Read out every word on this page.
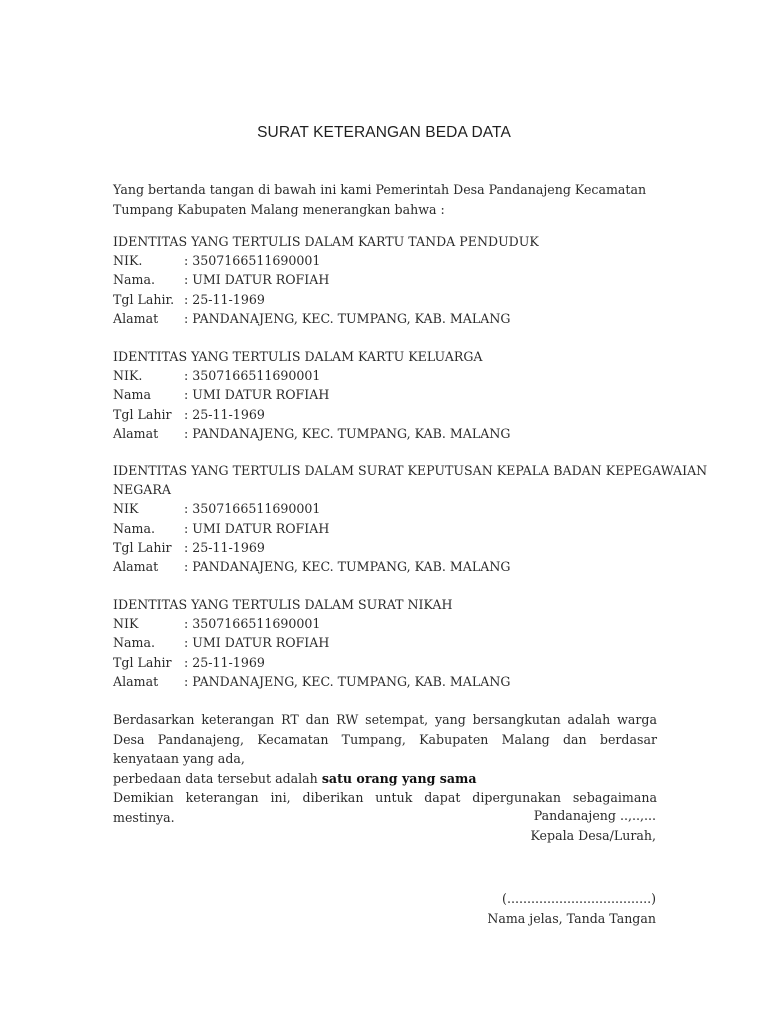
SURAT KETERANGAN BEDA DATA
Yang bertanda tangan di bawah ini kami Pemerintah Desa Pandanajeng Kecamatan Tumpang Kabupaten Malang menerangkan bahwa :
IDENTITAS YANG TERTULIS DALAM KARTU TANDA PENDUDUK
NIK.	: 3507166511690001
Nama.	: UMI DATUR ROFIAH
Tgl Lahir. : 25-11-1969
Alamat	: PANDANAJENG, KEC. TUMPANG, KAB. MALANG
IDENTITAS YANG TERTULIS DALAM KARTU KELUARGA
NIK.	: 3507166511690001
Nama	: UMI DATUR ROFIAH
Tgl Lahir : 25-11-1969
Alamat	: PANDANAJENG, KEC. TUMPANG, KAB. MALANG
IDENTITAS YANG TERTULIS DALAM SURAT KEPUTUSAN KEPALA BADAN KEPEGAWAIAN
NEGARA
NIK	: 3507166511690001
Nama.	: UMI DATUR ROFIAH
Tgl Lahir : 25-11-1969
Alamat	: PANDANAJENG, KEC. TUMPANG, KAB. MALANG
IDENTITAS YANG TERTULIS DALAM SURAT NIKAH
NIK	: 3507166511690001
Nama.	: UMI DATUR ROFIAH
Tgl Lahir : 25-11-1969
Alamat	: PANDANAJENG, KEC. TUMPANG, KAB. MALANG
Berdasarkan keterangan RT dan RW setempat, yang bersangkutan adalah warga Desa Pandanajeng, Kecamatan Tumpang, Kabupaten Malang dan berdasar kenyataan yang ada,
perbedaan data tersebut adalah satu orang yang sama
Demikian keterangan ini, diberikan untuk dapat dipergunakan sebagaimana mestinya.	Pandanajeng ..,..,...
Kepala Desa/Lurah,
(....................................)
Nama jelas, Tanda Tangan
